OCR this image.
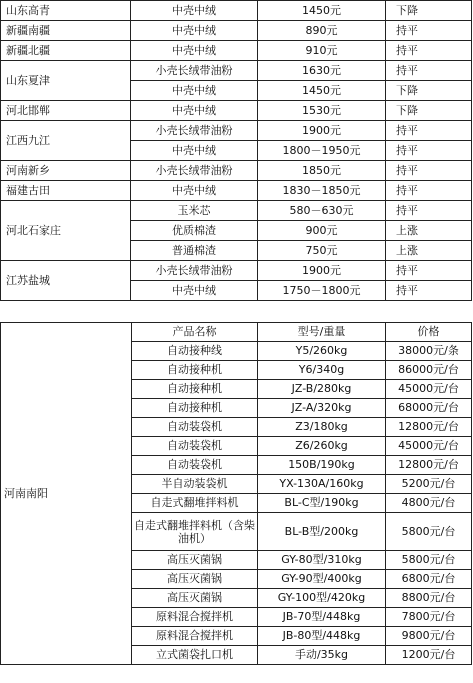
山东高青	中壳中绒	1450元	下降
新疆南疆	中壳中绒	890元	持平
新疆北疆	中壳中绒	910元	持平
山东夏津	小壳长绒带油粉	1630元	持平
	中壳中绒	1450元	下降
河北邯郸	中壳中绒	1530元	下降
江西九江	小壳长绒带油粉	1900元	持平
	中壳中绒	1800－1950元	持平
河南新乡	小壳长绒带油粉	1850元	持平
福建古田	中壳中绒	1830－1850元	持平
河北石家庄	玉米芯	580－630元	持平
	优质棉渣	900元	上涨
	普通棉渣	750元	上涨
江苏盐城	小壳长绒带油粉	1900元	持平
	中壳中绒	1750－1800元	持平
河南南阳	产品名称	型号/重量	价格
	自动接种线	Y5/260kg	38000元/条
	自动接种机	Y6/340g	86000元/台
	自动接种机	JZ-B/280kg	45000元/台
	自动接种机	JZ-A/320kg	68000元/台
	自动装袋机	Z3/180kg	12800元/台
	自动装袋机	Z6/260kg	45000元/台
	自动装袋机	150B/190kg	12800元/台
	半自动装袋机	YX-130A/160kg	5200元/台
	自走式翻堆拌料机	BL-C型/190kg	4800元/台
	自走式翻堆拌料机（含柴油机）	BL-B型/200kg	5800元/台
	高压灭菌锅	GY-80型/310kg	5800元/台
	高压灭菌锅	GY-90型/400kg	6800元/台
	高压灭菌锅	GY-100型/420kg	8800元/台
	原料混合搅拌机	JB-70型/448kg	7800元/台
	原料混合搅拌机	JB-80型/448kg	9800元/台
	立式菌袋扎口机	手动/35kg	1200元/台
